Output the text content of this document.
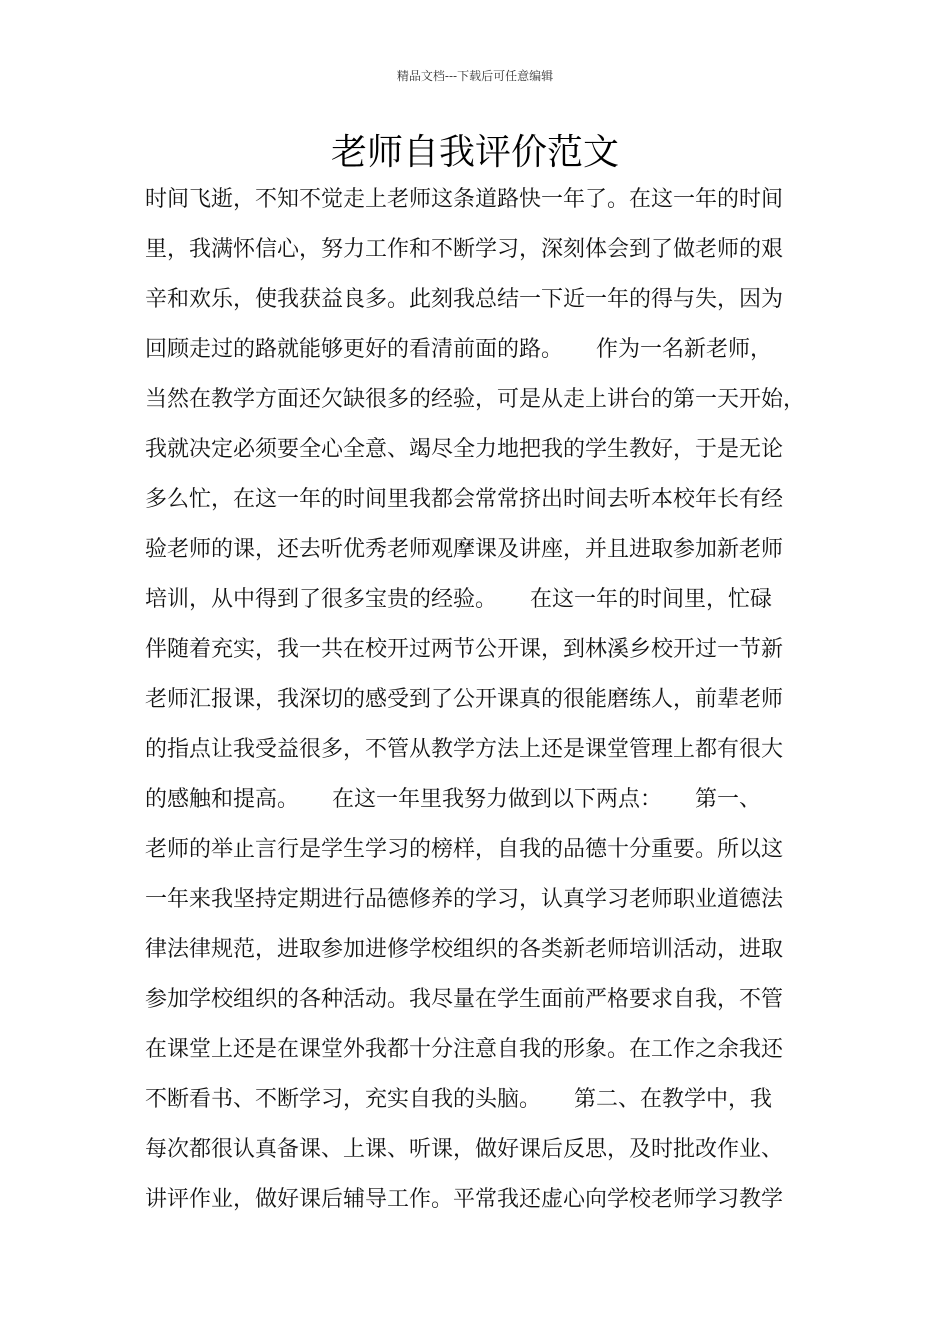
精品文档---下载后可任意编辑
老师自我评价范文
时间飞逝，不知不觉走上老师这条道路快一年了。在这一年的时间
里，我满怀信心，努力工作和不断学习，深刻体会到了做老师的艰
辛和欢乐，使我获益良多。此刻我总结一下近一年的得与失，因为
回顾走过的路就能够更好的看清前面的路。　　作为一名新老师，
当然在教学方面还欠缺很多的经验，可是从走上讲台的第一天开始，
我就决定必须要全心全意、竭尽全力地把我的学生教好，于是无论
多么忙，在这一年的时间里我都会常常挤出时间去听本校年长有经
验老师的课，还去听优秀老师观摩课及讲座，并且进取参加新老师
培训，从中得到了很多宝贵的经验。　　在这一年的时间里，忙碌
伴随着充实，我一共在校开过两节公开课，到林溪乡校开过一节新
老师汇报课，我深切的感受到了公开课真的很能磨练人，前辈老师
的指点让我受益很多，不管从教学方法上还是课堂管理上都有很大
的感触和提高。　　在这一年里我努力做到以下两点：　　第一、
老师的举止言行是学生学习的榜样，自我的品德十分重要。所以这
一年来我坚持定期进行品德修养的学习，认真学习老师职业道德法
律法律规范，进取参加进修学校组织的各类新老师培训活动，进取
参加学校组织的各种活动。我尽量在学生面前严格要求自我，不管
在课堂上还是在课堂外我都十分注意自我的形象。在工作之余我还
不断看书、不断学习，充实自我的头脑。　　第二、在教学中，我
每次都很认真备课、上课、听课，做好课后反思，及时批改作业、
讲评作业，做好课后辅导工作。平常我还虚心向学校老师学习教学
